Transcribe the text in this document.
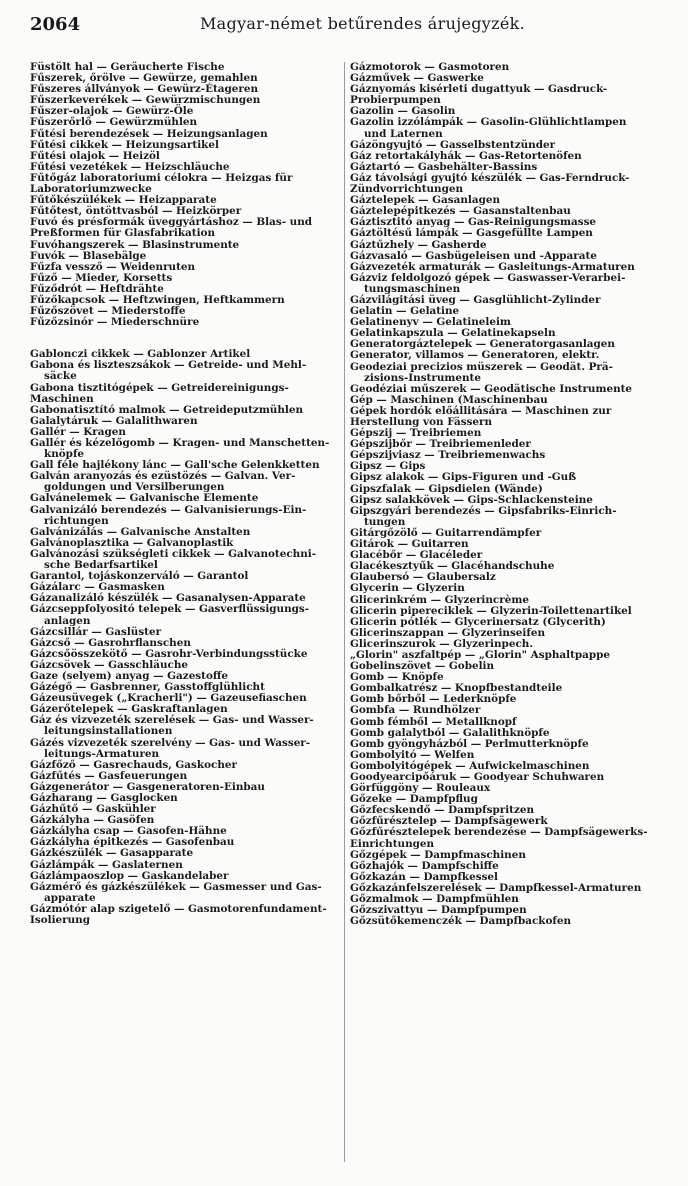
2064	Magyar-német betűrendes árujegyzék.
Füstölt hal — Geräucherte Fische
Fűszerek, őrölve — Gewürze, gemahlen
Fűszeres állványok — Gewürz-Étageren
Fűszerkeverékek — Gewürzmischungen
Fűszer-olajok — Gewürz-Öle
Fűszerőrlő — Gewürzmühlen
Fűtési berendezések — Heizungsanlagen
Fűtési cikkek — Heizungsartikel
Fűtési olajok — Heizöl
Fűtési vezetékek — Heizschläuche
Fűtőgáz laboratoriumi célokra — Heizgas für
Laboratoriumzwecke
Fűtőkészülékek — Heizapparate
Fűtőtest, öntöttvasból — Heizkörper
Fuvó és présformák üveggyártáshoz — Blas- und
Preßformen für Glasfabrikation
Fuvóhangszerek — Blasinstrumente
Fuvók — Blasebälge
Fűzfa vessző — Weidenruten
Fűző — Mieder, Korsetts
Fűződrót — Heftdrähte
Fűzőkapcsok — Heftzwingen, Heftkammern
Fűzőszövet — Miederstoffe
Fűzőzsinór — Miederschnüre
Gablonczi cikkek — Gablonzer Artikel
Gabona és liszteszsákok — Getreide- und Mehl-
säcke
Gabona tisztitógépek — Getreidereinigungs-
Maschinen
Gabonatisztító malmok — Getreideputzmühlen
Galalytáruk — Galalithwaren
Gallér — Kragen
Gallér és kézelőgomb — Kragen- und Manschetten-
knöpfe
Gall féle hajlékony lánc — Gall'sche Gelenkketten
Galván aranyozás és ezüstözés — Galvan. Ver-
goldungen und Versilberungen
Galvánelemek — Galvanische Elemente
Galvanizáló berendezés — Galvanisierungs-Ein-
richtungen
Galvánizálás — Galvanische Anstalten
Galvánoplasztika — Galvanoplastik
Galvánozási szükségleti cikkek — Galvanotechni-
sche Bedarfsartikel
Garantol, tojáskonzerváló — Garantol
Gázálarc — Gasmasken
Gázanalizáló készülék — Gasanalysen-Apparate
Gázcseppfolyositó telepek — Gasverflüssigungs-
anlagen
Gázcsillár — Gaslüster
Gázcső — Gasrohrflanschen
Gázcsőösszekötő — Gasrohr-Verbindungsstücke
Gázcsövek — Gasschläuche
Gaze (selyem) anyag — Gazestoffe
Gázégő — Gasbrenner, Gasstoffglühlicht
Gázeusüvegek („Kracherli") — Gazeusefiaschen
Gázerőtelepek — Gaskraftanlagen
Gáz és vizvezeték szerelések — Gas- und Wasser-
leitungsinstallationen
Gázés vizvezeték szerelvény — Gas- und Wasser-
leitungs-Armaturen
Gázfőző — Gasrechauds, Gaskocher
Gázfűtés — Gasfeuerungen
Gázgenerátor — Gasgeneratoren-Einbau
Gázharang — Gasglocken
Gázhűtő — Gaskühler
Gázkályha — Gasöfen
Gázkályha csap — Gasofen-Hähne
Gázkályha épitkezés — Gasofenbau
Gázkészülék — Gasapparate
Gázlámpák — Gaslaternen
Gázlámpaoszlop — Gaskandelaber
Gázmérő és gázkészülékek — Gasmesser und Gas-
apparate
Gázmótór alap szigetelő — Gasmotorenfundament-
Isolierung
Gázmotorok — Gasmotoren
Gázművek — Gaswerke
Gáznyomás kisérleti dugattyuk — Gasdruck-
Probierpumpen
Gazolin — Gasolin
Gazolin izzólámpák — Gasolin-Glühlichtlampen
und Laternen
Gázöngyujtó — Gasselbstentzünder
Gáz retortakályhák — Gas-Retortenöfen
Gáztartó — Gasbehälter-Bassins
Gáz távolsági gyujtó készülék — Gas-Ferndruck-
Zündvorrichtungen
Gáztelepek — Gasanlagen
Gáztelepépitkezés — Gasanstaltenbau
Gáztisztitó anyag — Gas-Reinigungsmasse
Gáztöltésű lámpák — Gasgefüllte Lampen
Gáztűzhely — Gasherde
Gázvasaló — Gasbügeleisen und -Apparate
Gázvezeték armaturák — Gasleitungs-Armaturen
Gázviz feldolgozó gépek — Gaswasser-Verarbei-
tungsmaschinen
Gázvilágitási üveg — Gasglühlicht-Zylinder
Gelatin — Gelatine
Gelatinenyv — Gelatineleim
Gelatinkapszula — Gelatinekapseln
Generatorgáztelepek — Generatorgasanlagen
Generator, villamos — Generatoren, elektr.
Geodeziai precizios müszerek — Geodät. Prä-
zisions-Instrumente
Geodéziai műszerek — Geodätische Instrumente
Gép — Maschinen (Maschinenbau
Gépek hordók előállitására — Maschinen zur
Herstellung von Fässern
Gépszij — Treibriemen
Gépszijbőr — Treibriemenleder
Gépszijviasz — Treibriemenwachs
Gipsz — Gips
Gipsz alakok — Gips-Figuren und -Guß
Gipszfalak — Gipsdielen (Wände)
Gipsz salakkövek — Gips-Schlackensteine
Gipszgyári berendezés — Gipsfabriks-Einrich-
tungen
Gitárgőzölő — Guitarrendämpfer
Gitárok — Guitarren
Glacébőr — Glacéleder
Glacékesztyűk — Glacéhandschuhe
Glaubersó — Glaubersalz
Glycerin — Glyzerin
Glicerinkrém — Glyzerincrème
Glicerin pipereciklek — Glyzerin-Toilettenartikel
Glicerin pótlék — Glycerinersatz (Glycerith)
Glicerinszappan — Glyzerinseifen
Glicerinszurok — Glyzerinpech.
„Glorin" aszfaltpép — „Glorin" Asphaltpappe
Gobelinszövet — Gobelin
Gomb — Knöpfe
Gombalkatrész — Knopfbestandteile
Gomb bőrből — Lederknöpfe
Gombfa — Rundhölzer
Gomb fémből — Metallknopf
Gomb galalytból — Galalithknöpfe
Gomb gyöngyházból — Perlmutterknöpfe
Gombolyitó — Welfen
Gombolyitógépek — Aufwickelmaschinen
Goodyearcipőáruk — Goodyear Schuhwaren
Görfüggöny — Rouleaux
Gőzeke — Dampfpflug
Gőzfecskendő — Dampfspritzen
Gőzfűrésztelep — Dampfsägewerk
Gőzfűrésztelepek berendezése — Dampfsägewerks-
Einrichtungen
Gőzgépek — Dampfmaschinen
Gőzhajók — Dampfschiffe
Gőzkazán — Dampfkessel
Gőzkazánfelszerelések — Dampfkessel-Armaturen
Gőzmalmok — Dampfmühlen
Gőzszivattyu — Dampfpumpen
Gőzsütőkemenczék — Dampfbackofen
